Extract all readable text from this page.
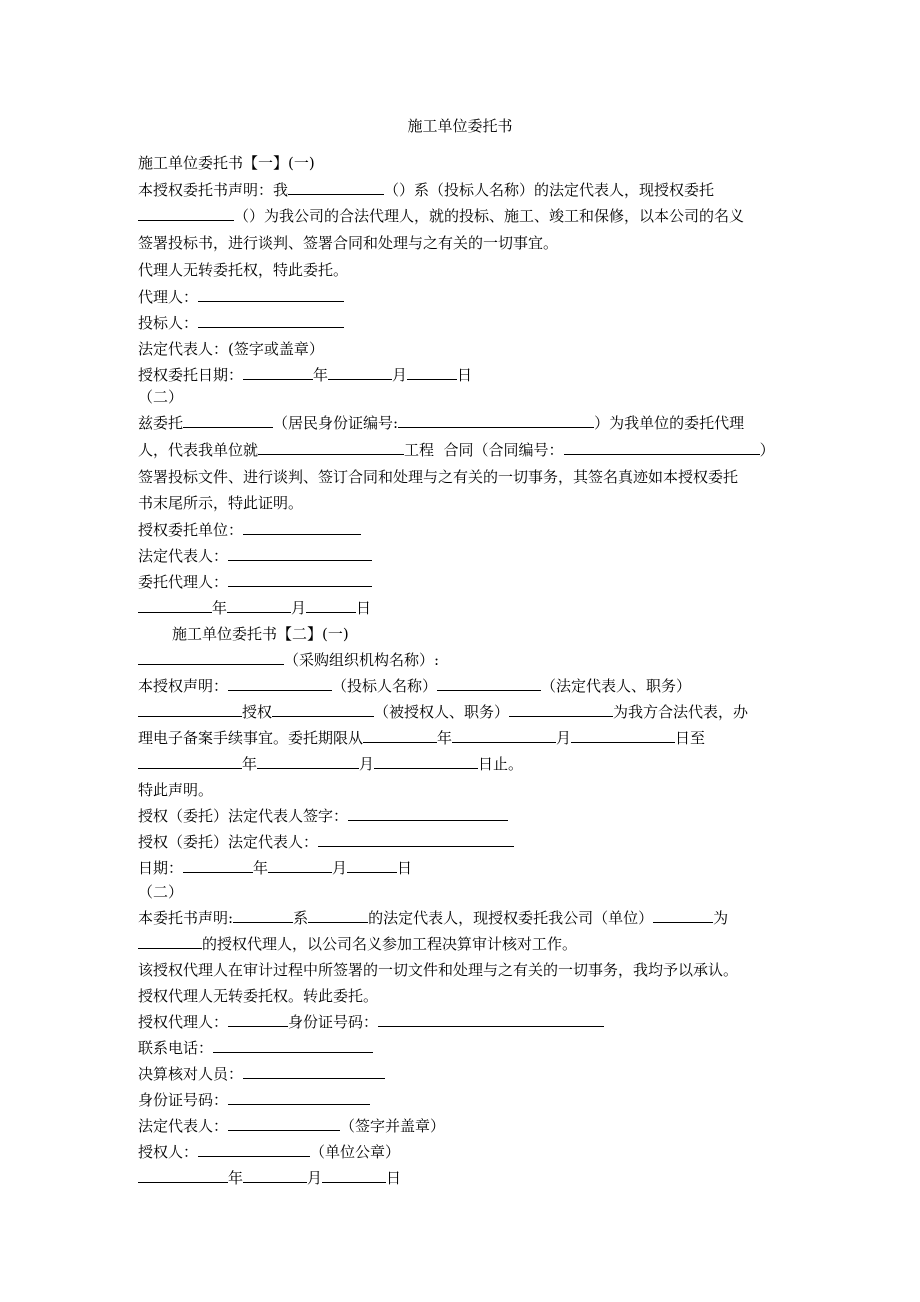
施工单位委托书
施工单位委托书【一】(一)
本授权委托书声明：我	（）系（投标人名称）的法定代表人，现授权委托
（）为我公司的合法代理人，就的投标、施工、竣工和保修，以本公司的名义
签署投标书，进行谈判、签署合同和处理与之有关的一切事宜。
代理人无转委托权，特此委托。
代理人：
投标人：
法定代表人：(签字或盖章）
授权委托日期：	年	月	日
（二）
兹委托	（居民身份证编号:	）为我单位的委托代理
人，代表我单位就	工程  合同（合同编号：	）
签署投标文件、进行谈判、签订合同和处理与之有关的一切事务，其签名真迹如本授权委托
书末尾所示，特此证明。
授权委托单位：
法定代表人：
委托代理人：
年	月	日
施工单位委托书【二】(一)
（采购组织机构名称）:
本授权声明：	（投标人名称）	（法定代表人、职务）
授权	（被授权人、职务）	为我方合法代表，办
理电子备案手续事宜。委托期限从	年	月	日至
年	月	日止。
特此声明。
授权（委托）法定代表人签字：
授权（委托）法定代表人：
日期：	年	月	日
（二）
本委托书声明:	系	的法定代表人，现授权委托我公司（单位）	为
的授权代理人，以公司名义参加工程决算审计核对工作。
该授权代理人在审计过程中所签署的一切文件和处理与之有关的一切事务，我均予以承认。
授权代理人无转委托权。转此委托。
授权代理人：	身份证号码：
联系电话：
决算核对人员：
身份证号码：
法定代表人：	（签字并盖章）
授权人：	（单位公章）
年	月	日
